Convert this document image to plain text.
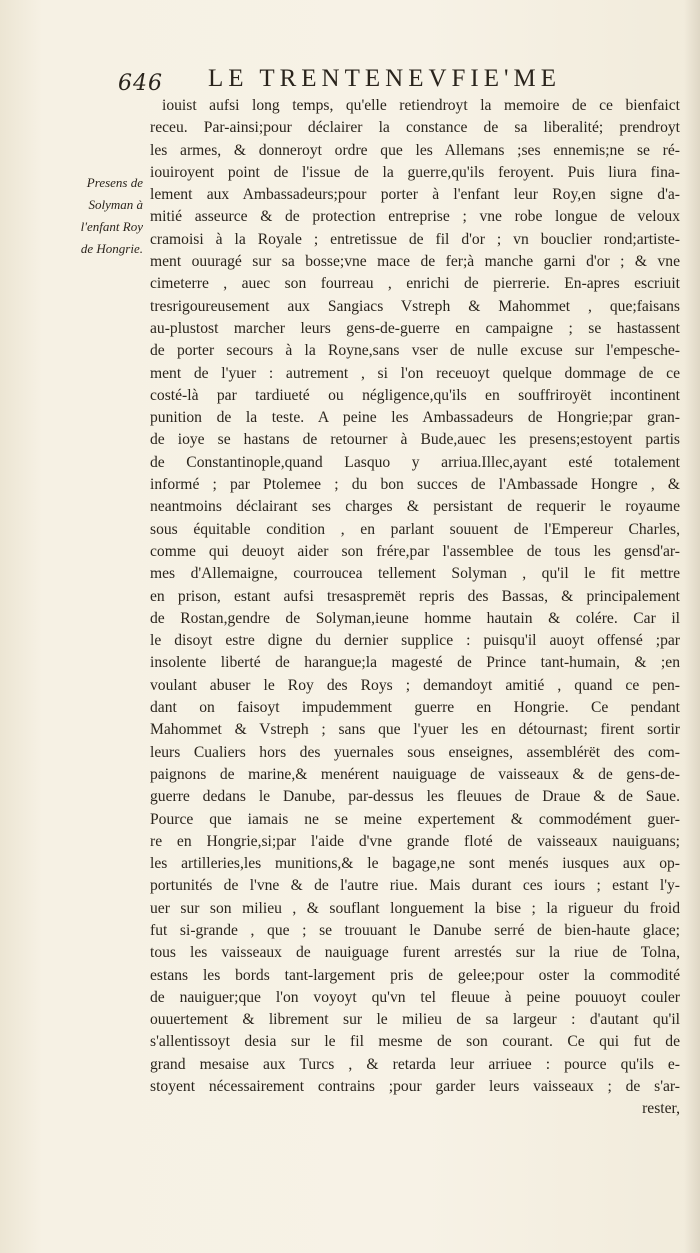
646 LE TRENTENEVFIE'ME
Presens de
Solyman à
l'enfant Roy
de Hongrie.
iouist aufsi long temps, qu'elle retiendroyt la memoire de ce bienfaict
receu. Par-ainsi;pour déclairer la constance de sa liberalité; prendroyt
les armes, & donneroyt ordre que les Allemans ;ses ennemis;ne se ré-
iouiroyent point de l'issue de la guerre,qu'ils feroyent. Puis liura fina-
lement aux Ambassadeurs;pour porter à l'enfant leur Roy,en signe d'a-
mitié asseurce & de protection entreprise ; vne robe longue de veloux
cramoisi à la Royale ; entretissue de fil d'or ; vn bouclier rond;artiste-
ment ouuragé sur sa bosse;vne mace de fer;à manche garni d'or ; & vne
cimeterre , auec son fourreau , enrichi de pierrerie. En-apres escriuit
tresrigoureusement aux Sangiacs Vstreph & Mahommet , que;faisans
au-plustost marcher leurs gens-de-guerre en campaigne ; se hastassent
de porter secours à la Royne,sans vser de nulle excuse sur l'empesche-
ment de l'yuer : autrement , si l'on receuoyt quelque dommage de ce
costé-là par tardiueté ou négligence,qu'ils en souffriroyët incontinent
punition de la teste. A peine les Ambassadeurs de Hongrie;par gran-
de ioye se hastans de retourner à Bude,auec les presens;estoyent partis
de Constantinople,quand Lasquo y arriua.Illec,ayant esté totalement
informé ; par Ptolemee ; du bon succes de l'Ambassade Hongre , &
neantmoins déclairant ses charges & persistant de requerir le royaume
sous équitable condition , en parlant souuent de l'Empereur Charles,
comme qui deuoyt aider son frére,par l'assemblee de tous les gensd'ar-
mes d'Allemaigne, courroucea tellement Solyman , qu'il le fit mettre
en prison, estant aufsi tresaspremët repris des Bassas, & principalement
de Rostan,gendre de Solyman,ieune homme hautain & colére. Car il
le disoyt estre digne du dernier supplice : puisqu'il auoyt offensé ;par
insolente liberté de harangue;la magesté de Prince tant-humain, & ;en
voulant abuser le Roy des Roys ; demandoyt amitié , quand ce pen-
dant on faisoyt impudemment guerre en Hongrie. Ce pendant
Mahommet & Vstreph ; sans que l'yuer les en détournast; firent sortir
leurs Cualiers hors des yuernales sous enseignes, assemblérët des com-
paignons de marine,& menérent nauiguage de vaisseaux & de gens-de-
guerre dedans le Danube, par-dessus les fleuues de Draue & de Saue.
Pource que iamais ne se meine expertement & commodément guer-
re en Hongrie,si;par l'aide d'vne grande floté de vaisseaux nauiguans;
les artilleries,les munitions,& le bagage,ne sont menés iusques aux op-
portunités de l'vne & de l'autre riue. Mais durant ces iours ; estant l'y-
uer sur son milieu , & souflant longuement la bise ; la rigueur du froid
fut si-grande , que ; se trouuant le Danube serré de bien-haute glace;
tous les vaisseaux de nauiguage furent arrestés sur la riue de Tolna,
estans les bords tant-largement pris de gelee;pour oster la commodité
de nauiguer;que l'on voyoyt qu'vn tel fleuue à peine pouuoyt couler
ouuertement & librement sur le milieu de sa largeur : d'autant qu'il
s'allentissoyt desia sur le fil mesme de son courant. Ce qui fut de
grand mesaise aux Turcs , & retarda leur arriuee : pource qu'ils e-
stoyent nécessairement contrains ;pour garder leurs vaisseaux ; de s'ar-
rester,
